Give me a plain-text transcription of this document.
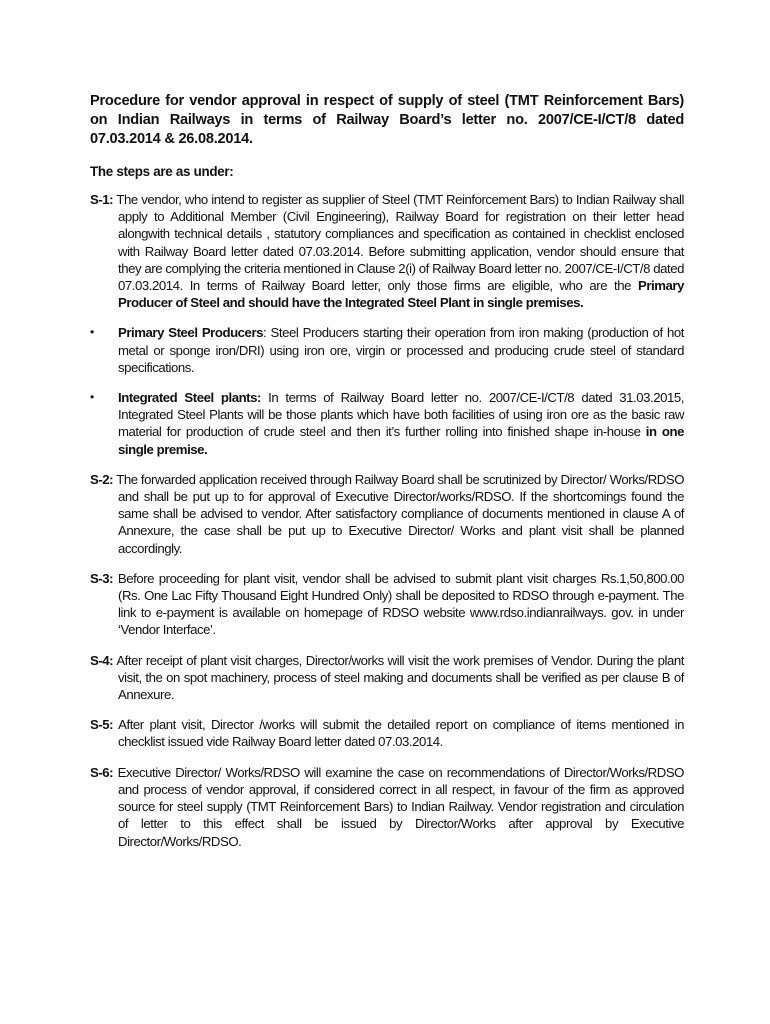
Procedure for vendor approval in respect of supply of steel (TMT Reinforcement Bars) on Indian Railways in terms of Railway Board’s letter no. 2007/CE-I/CT/8 dated 07.03.2014 & 26.08.2014.

The steps are as under:

S-1: The vendor, who intend to register as supplier of Steel (TMT Reinforcement Bars) to Indian Railway shall apply to Additional Member (Civil Engineering), Railway Board for registration on their letter head alongwith technical details , statutory compliances and specification as contained in checklist enclosed with Railway Board letter dated 07.03.2014. Before submitting application, vendor should ensure that they are complying the criteria mentioned in Clause 2(i) of Railway Board letter no. 2007/CE-I/CT/8 dated 07.03.2014. In terms of Railway Board letter, only those firms are eligible, who are the Primary Producer of Steel and should have the Integrated Steel Plant in single premises.

•	Primary Steel Producers: Steel Producers starting their operation from iron making (production of hot metal or sponge iron/DRI) using iron ore, virgin or processed and producing crude steel of standard specifications.

•	Integrated Steel plants: In terms of Railway Board letter no. 2007/CE-I/CT/8 dated 31.03.2015, Integrated Steel Plants will be those plants which have both facilities of using iron ore as the basic raw material for production of crude steel and then it’s further rolling into finished shape in-house in one single premise.

S-2: The forwarded application received through Railway Board shall be scrutinized by Director/ Works/RDSO and shall be put up to for approval of Executive Director/works/RDSO. If the shortcomings found the same shall be advised to vendor. After satisfactory compliance of documents mentioned in clause A of Annexure, the case shall be put up to Executive Director/ Works and plant visit shall be planned accordingly.

S-3: Before proceeding for plant visit, vendor shall be advised to submit plant visit charges Rs.1,50,800.00 (Rs. One Lac Fifty Thousand Eight Hundred Only) shall be deposited to RDSO through e-payment. The link to e-payment is available on homepage of RDSO website www.rdso.indianrailways. gov. in under ‘Vendor Interface’.

S-4: After receipt of plant visit charges, Director/works will visit the work premises of Vendor. During the plant visit, the on spot machinery, process of steel making and documents shall be verified as per clause B of Annexure.

S-5: After plant visit, Director /works will submit the detailed report on compliance of items mentioned in checklist issued vide Railway Board letter dated 07.03.2014.

S-6: Executive Director/ Works/RDSO will examine the case on recommendations of Director/Works/RDSO and process of vendor approval, if considered correct in all respect, in favour of the firm as approved source for steel supply (TMT Reinforcement Bars) to Indian Railway. Vendor registration and circulation of letter to this effect shall be issued by Director/Works after approval by Executive Director/Works/RDSO.
